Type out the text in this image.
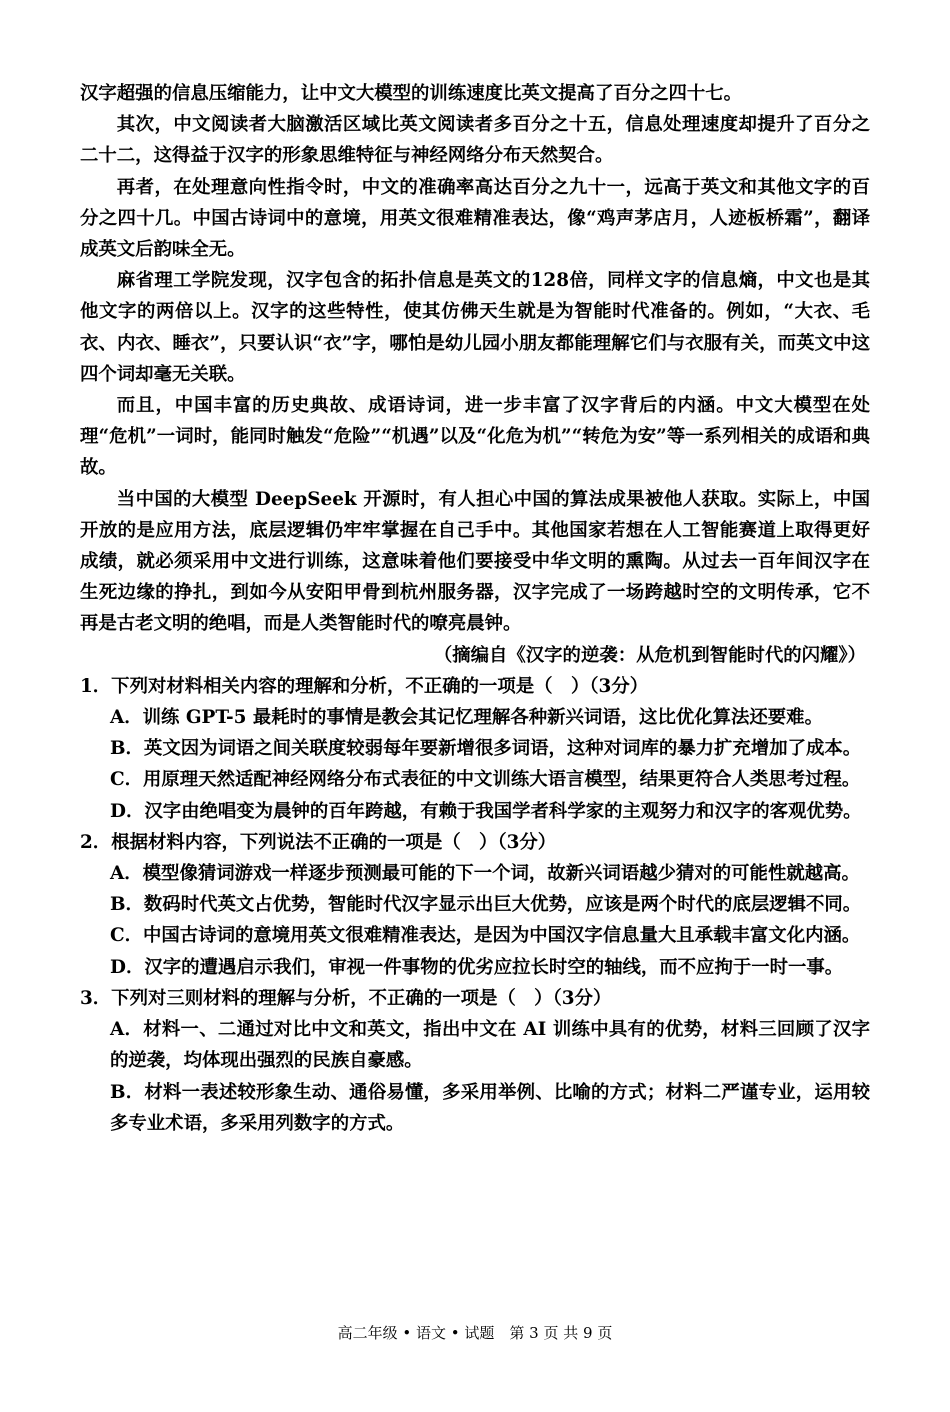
汉字超强的信息压缩能力，让中文大模型的训练速度比英文提高了百分之四十七。

其次，中文阅读者大脑激活区域比英文阅读者多百分之十五，信息处理速度却提升了百分之二十二，这得益于汉字的形象思维特征与神经网络分布天然契合。

再者，在处理意向性指令时，中文的准确率高达百分之九十一，远高于英文和其他文字的百分之四十几。中国古诗词中的意境，用英文很难精准表达，像“鸡声茅店月，人迹板桥霜”，翻译成英文后韵味全无。

麻省理工学院发现，汉字包含的拓扑信息是英文的128倍，同样文字的信息熵，中文也是其他文字的两倍以上。汉字的这些特性，使其仿佛天生就是为智能时代准备的。例如，“大衣、毛衣、内衣、睡衣”，只要认识“衣”字，哪怕是幼儿园小朋友都能理解它们与衣服有关，而英文中这四个词却毫无关联。

而且，中国丰富的历史典故、成语诗词，进一步丰富了汉字背后的内涵。中文大模型在处理“危机”一词时，能同时触发“危险”“机遇”以及“化危为机”“转危为安”等一系列相关的成语和典故。

当中国的大模型 DeepSeek 开源时，有人担心中国的算法成果被他人获取。实际上，中国开放的是应用方法，底层逻辑仍牢牢掌握在自己手中。其他国家若想在人工智能赛道上取得更好成绩，就必须采用中文进行训练，这意味着他们要接受中华文明的熏陶。从过去一百年间汉字在生死边缘的挣扎，到如今从安阳甲骨到杭州服务器，汉字完成了一场跨越时空的文明传承，它不再是古老文明的绝唱，而是人类智能时代的嘹亮晨钟。

（摘编自《汉字的逆袭：从危机到智能时代的闪耀》）

1．下列对材料相关内容的理解和分析，不正确的一项是（　）（3分）

A．训练 GPT-5 最耗时的事情是教会其记忆理解各种新兴词语，这比优化算法还要难。

B．英文因为词语之间关联度较弱每年要新增很多词语，这种对词库的暴力扩充增加了成本。

C．用原理天然适配神经网络分布式表征的中文训练大语言模型，结果更符合人类思考过程。

D．汉字由绝唱变为晨钟的百年跨越，有赖于我国学者科学家的主观努力和汉字的客观优势。

2．根据材料内容，下列说法不正确的一项是（　）（3分）

A．模型像猜词游戏一样逐步预测最可能的下一个词，故新兴词语越少猜对的可能性就越高。

B．数码时代英文占优势，智能时代汉字显示出巨大优势，应该是两个时代的底层逻辑不同。

C．中国古诗词的意境用英文很难精准表达，是因为中国汉字信息量大且承载丰富文化内涵。

D．汉字的遭遇启示我们，审视一件事物的优劣应拉长时空的轴线，而不应拘于一时一事。

3．下列对三则材料的理解与分析，不正确的一项是（　）（3分）

A．材料一、二通过对比中文和英文，指出中文在 AI 训练中具有的优势，材料三回顾了汉字的逆袭，均体现出强烈的民族自豪感。

B．材料一表述较形象生动、通俗易懂，多采用举例、比喻的方式；材料二严谨专业，运用较多专业术语，多采用列数字的方式。

高二年级 • 语文 • 试题　第 3 页 共 9 页
